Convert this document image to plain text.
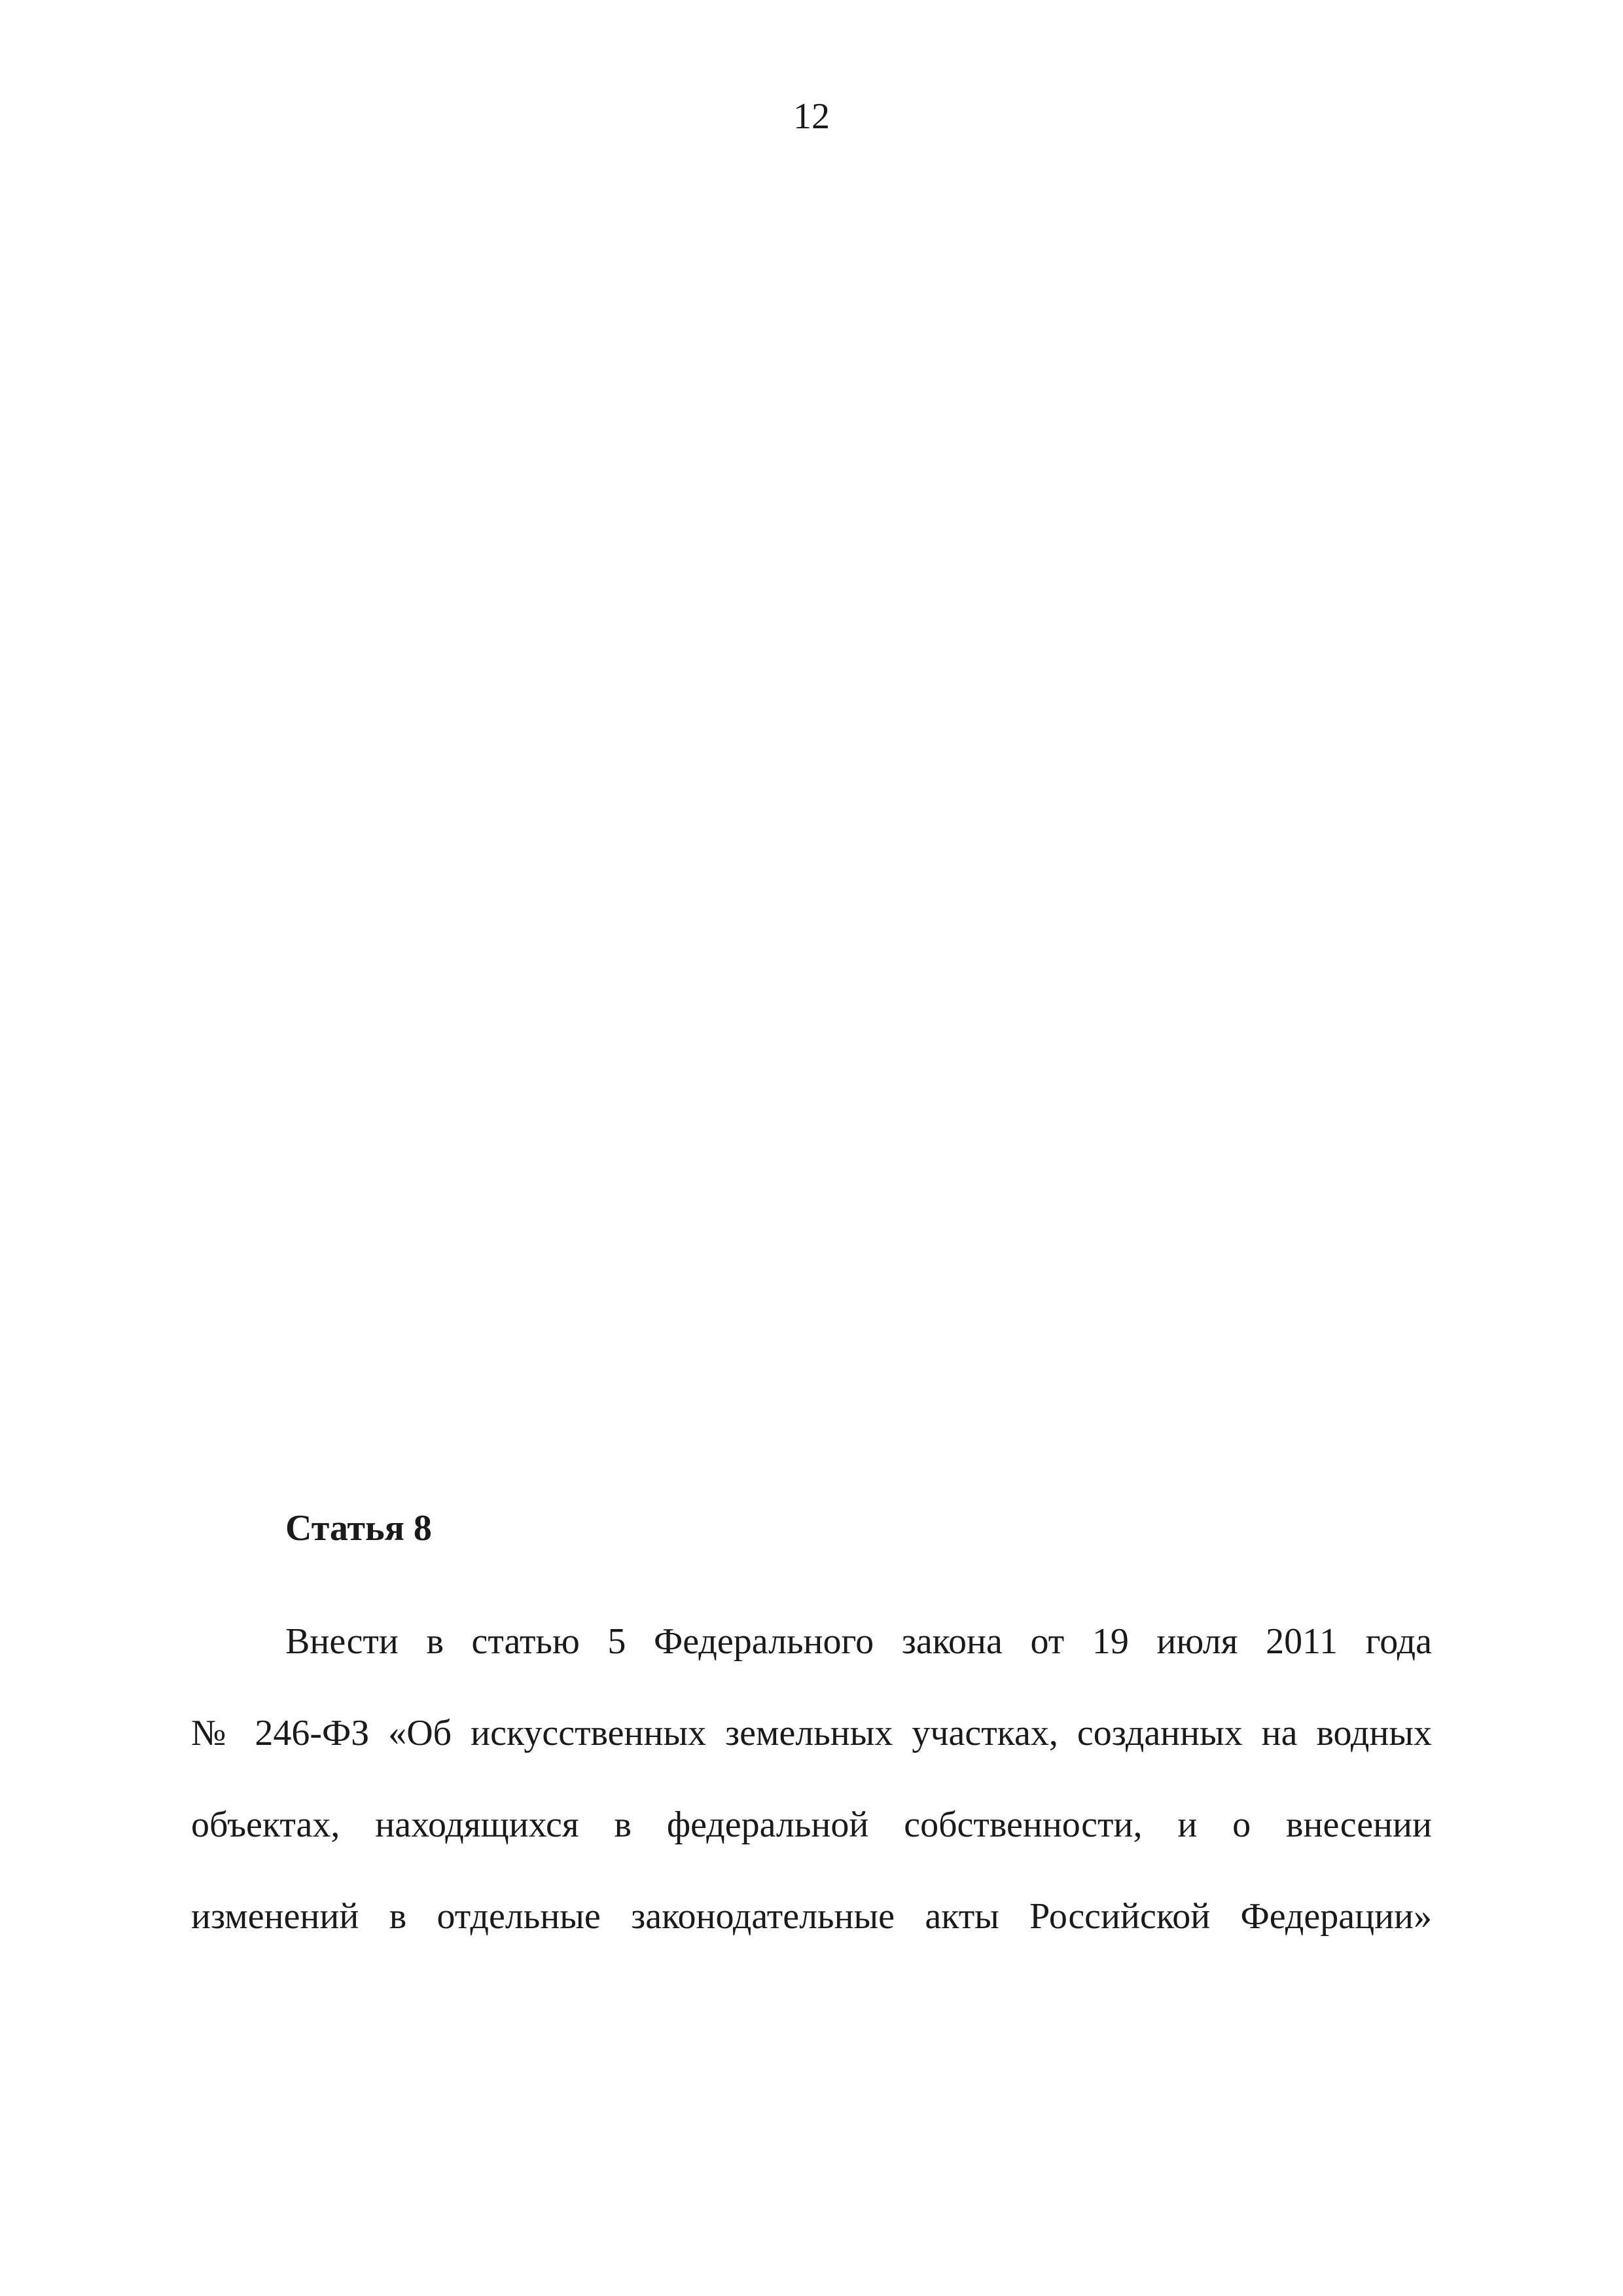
12
Статья 8
Внести в статью 5 Федерального закона от 19 июля 2011 года
№ 246-ФЗ «Об искусственных земельных участках, созданных на водных
объектах, находящихся в федеральной собственности, и о внесении
изменений в отдельные законодательные акты Российской Федерации»
